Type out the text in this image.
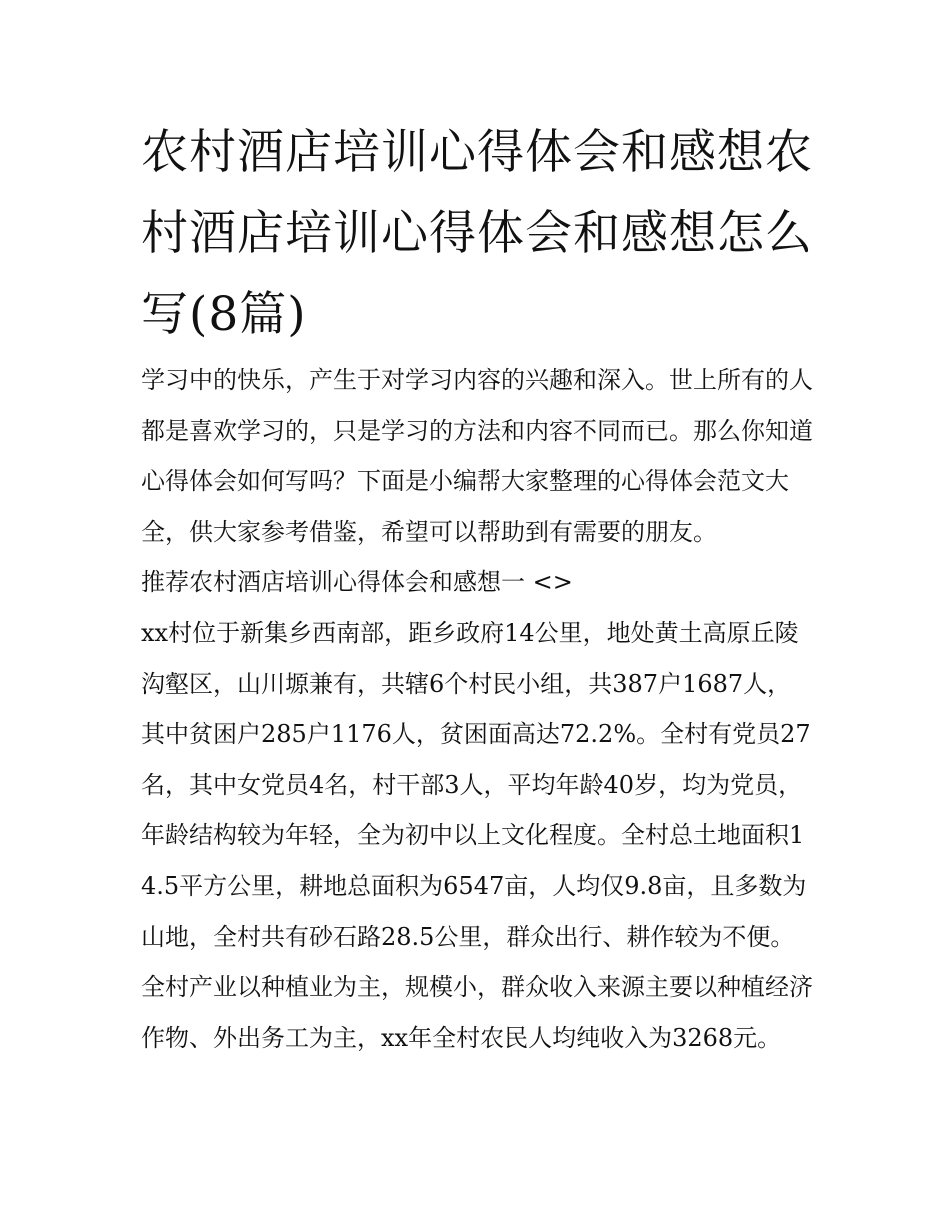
农村酒店培训心得体会和感想农村酒店培训心得体会和感想怎么写(8篇)

学习中的快乐，产生于对学习内容的兴趣和深入。世上所有的人都是喜欢学习的，只是学习的方法和内容不同而已。那么你知道心得体会如何写吗？下面是小编帮大家整理的心得体会范文大全，供大家参考借鉴，希望可以帮助到有需要的朋友。

推荐农村酒店培训心得体会和感想一 <>

xx村位于新集乡西南部，距乡政府14公里，地处黄土高原丘陵沟壑区，山川塬兼有，共辖6个村民小组，共387户1687人，其中贫困户285户1176人，贫困面高达72.2%。全村有党员27名，其中女党员4名，村干部3人，平均年龄40岁，均为党员，年龄结构较为年轻，全为初中以上文化程度。全村总土地面积14.5平方公里，耕地总面积为6547亩，人均仅9.8亩，且多数为山地，全村共有砂石路28.5公里，群众出行、耕作较为不便。全村产业以种植业为主，规模小，群众收入来源主要以种植经济作物、外出务工为主，xx年全村农民人均纯收入为3268元。
